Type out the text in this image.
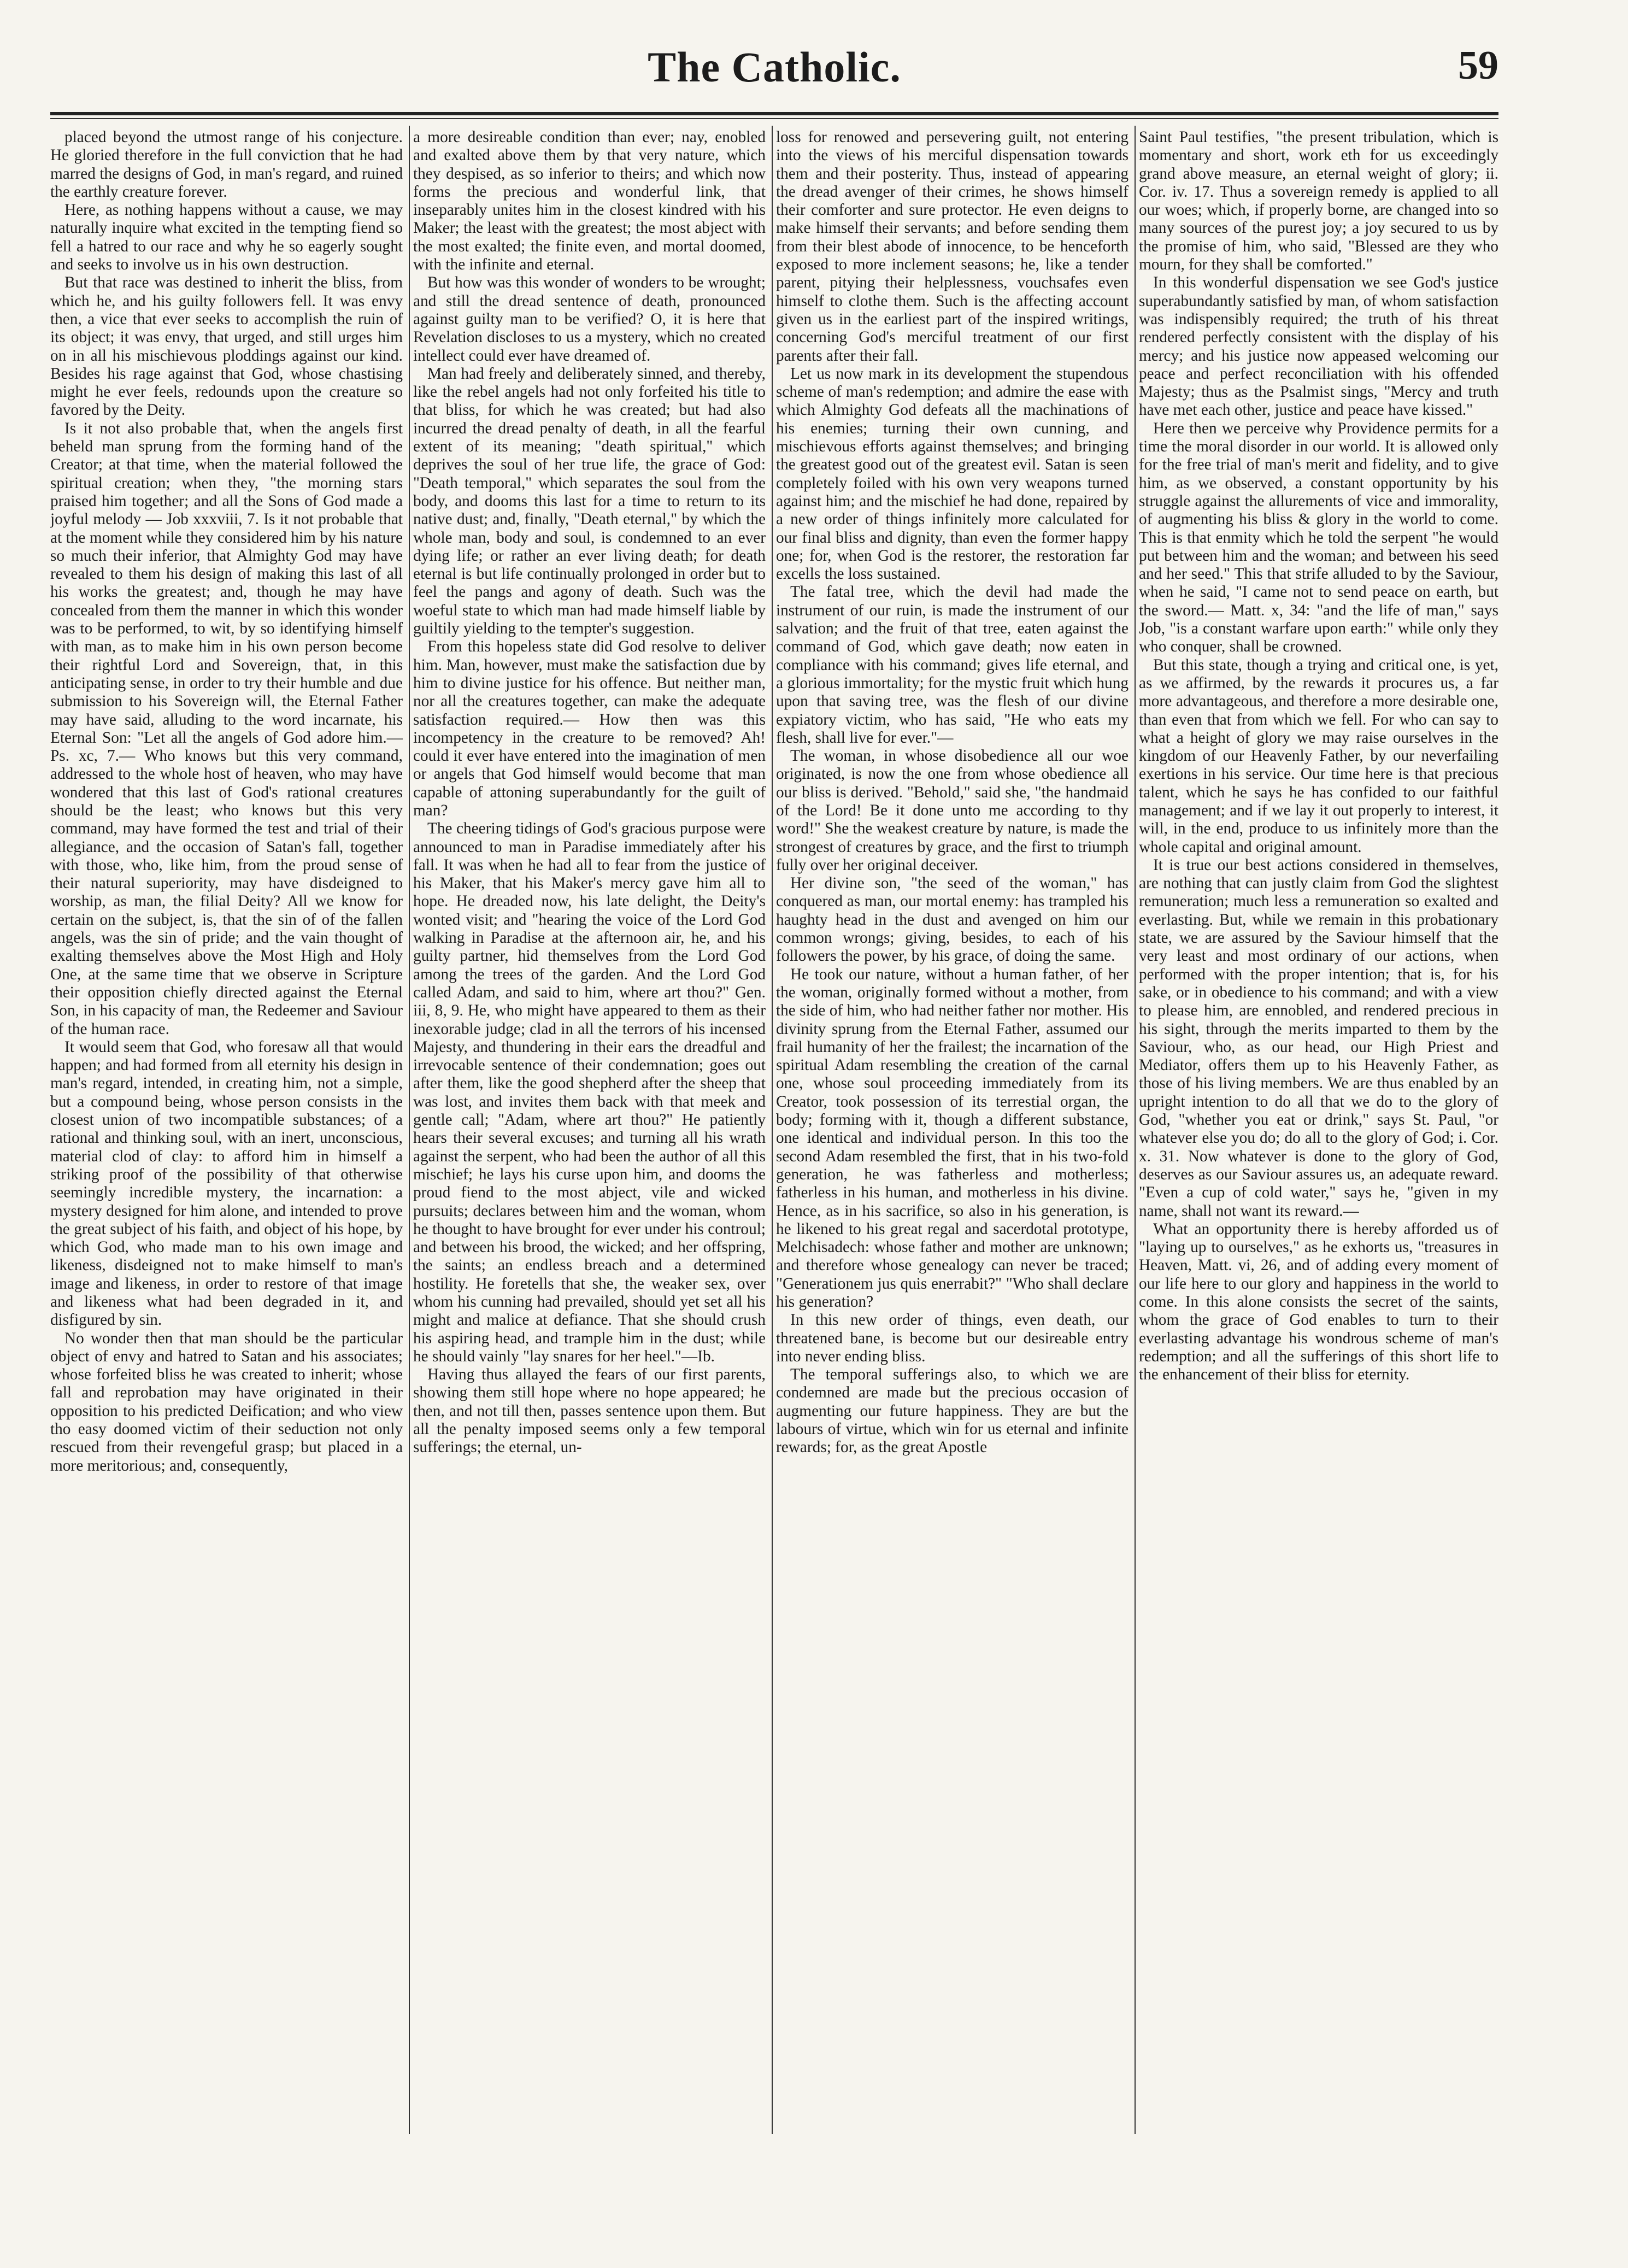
The Catholic.	59

placed beyond the utmost range of his conjecture. He gloried therefore in the full conviction that he had marred the designs of God, in man's regard, and ruined the earthly creature forever.

Here, as nothing happens without a cause, we may naturally inquire what excited in the tempting fiend so fell a hatred to our race and why he so eagerly sought and seeks to involve us in his own destruction.

But that race was destined to inherit the bliss, from which he, and his guilty followers fell. It was envy then, a vice that ever seeks to accomplish the ruin of its object; it was envy, that urged, and still urges him on in all his mischievous ploddings against our kind. Besides his rage against that God, whose chastising might he ever feels, redounds upon the creature so favored by the Deity.

Is it not also probable that, when the angels first beheld man sprung from the forming hand of the Creator; at that time, when the material followed the spiritual creation; when they, "the morning stars praised him together; and all the Sons of God made a joyful melody — Job xxxviii, 7. Is it not probable that at the moment while they considered him by his nature so much their inferior, that Almighty God may have revealed to them his design of making this last of all his works the greatest; and, though he may have concealed from them the manner in which this wonder was to be performed, to wit, by so identifying himself with man, as to make him in his own person become their rightful Lord and Sovereign, that, in this anticipating sense, in order to try their humble and due submission to his Sovereign will, the Eternal Father may have said, alluding to the word incarnate, his Eternal Son: "Let all the angels of God adore him.—Ps. xc, 7.— Who knows but this very command, addressed to the whole host of heaven, who may have wondered that this last of God's rational creatures should be the least; who knows but this very command, may have formed the test and trial of their allegiance, and the occasion of Satan's fall, together with those, who, like him, from the proud sense of their natural superiority, may have disdeigned to worship, as man, the filial Deity? All we know for certain on the subject, is, that the sin of of the fallen angels, was the sin of pride; and the vain thought of exalting themselves above the Most High and Holy One, at the same time that we observe in Scripture their opposition chiefly directed against the Eternal Son, in his capacity of man, the Redeemer and Saviour of the human race.

It would seem that God, who foresaw all that would happen; and had formed from all eternity his design in man's regard, intended, in creating him, not a simple, but a compound being, whose person consists in the closest union of two incompatible substances; of a rational and thinking soul, with an inert, unconscious, material clod of clay: to afford him in himself a striking proof of the possibility of that otherwise seemingly incredible mystery, the incarnation: a mystery designed for him alone, and intended to prove the great subject of his faith, and object of his hope, by which God, who made man to his own image and likeness, disdeigned not to make himself to man's image and likeness, in order to restore of that image and likeness what had been degraded in it, and disfigured by sin.

No wonder then that man should be the particular object of envy and hatred to Satan and his associates; whose forfeited bliss he was created to inherit; whose fall and reprobation may have originated in their opposition to his predicted Deification; and who view tho easy doomed victim of their seduction not only rescued from their revengeful grasp; but placed in a more meritorious; and, consequently,

a more desireable condition than ever; nay, enobled and exalted above them by that very nature, which they despised, as so inferior to theirs; and which now forms the precious and wonderful link, that inseparably unites him in the closest kindred with his Maker; the least with the greatest; the most abject with the most exalted; the finite even, and mortal doomed, with the infinite and eternal.

But how was this wonder of wonders to be wrought; and still the dread sentence of death, pronounced against guilty man to be verified? O, it is here that Revelation discloses to us a mystery, which no created intellect could ever have dreamed of.

Man had freely and deliberately sinned, and thereby, like the rebel angels had not only forfeited his title to that bliss, for which he was created; but had also incurred the dread penalty of death, in all the fearful extent of its meaning; "death spiritual," which deprives the soul of her true life, the grace of God: "Death temporal," which separates the soul from the body, and dooms this last for a time to return to its native dust; and, finally, "Death eternal," by which the whole man, body and soul, is condemned to an ever dying life; or rather an ever living death; for death eternal is but life continually prolonged in order but to feel the pangs and agony of death. Such was the woeful state to which man had made himself liable by guiltily yielding to the tempter's suggestion.

From this hopeless state did God resolve to deliver him. Man, however, must make the satisfaction due by him to divine justice for his offence. But neither man, nor all the creatures together, can make the adequate satisfaction required.— How then was this incompetency in the creature to be removed? Ah! could it ever have entered into the imagination of men or angels that God himself would become that man capable of attoning superabundantly for the guilt of man?

The cheering tidings of God's gracious purpose were announced to man in Paradise immediately after his fall. It was when he had all to fear from the justice of his Maker, that his Maker's mercy gave him all to hope. He dreaded now, his late delight, the Deity's wonted visit; and "hearing the voice of the Lord God walking in Paradise at the afternoon air, he, and his guilty partner, hid themselves from the Lord God among the trees of the garden. And the Lord God called Adam, and said to him, where art thou?" Gen. iii, 8, 9. He, who might have appeared to them as their inexorable judge; clad in all the terrors of his incensed Majesty, and thundering in their ears the dreadful and irrevocable sentence of their condemnation; goes out after them, like the good shepherd after the sheep that was lost, and invites them back with that meek and gentle call; "Adam, where art thou?" He patiently hears their several excuses; and turning all his wrath against the serpent, who had been the author of all this mischief; he lays his curse upon him, and dooms the proud fiend to the most abject, vile and wicked pursuits; declares between him and the woman, whom he thought to have brought for ever under his controul; and between his brood, the wicked; and her offspring, the saints; an endless breach and a determined hostility. He foretells that she, the weaker sex, over whom his cunning had prevailed, should yet set all his might and malice at defiance. That she should crush his aspiring head, and trample him in the dust; while he should vainly "lay snares for her heel."—Ib.

Having thus allayed the fears of our first parents, showing them still hope where no hope appeared; he then, and not till then, passes sentence upon them. But all the penalty imposed seems only a few temporal sufferings; the eternal, un-

loss for renowed and persevering guilt, not entering into the views of his merciful dispensation towards them and their posterity. Thus, instead of appearing the dread avenger of their crimes, he shows himself their comforter and sure protector. He even deigns to make himself their servants; and before sending them from their blest abode of innocence, to be henceforth exposed to more inclement seasons; he, like a tender parent, pitying their helplessness, vouchsafes even himself to clothe them. Such is the affecting account given us in the earliest part of the inspired writings, concerning God's merciful treatment of our first parents after their fall.

Let us now mark in its development the stupendous scheme of man's redemption; and admire the ease with which Almighty God defeats all the machinations of his enemies; turning their own cunning, and mischievous efforts against themselves; and bringing the greatest good out of the greatest evil. Satan is seen completely foiled with his own very weapons turned against him; and the mischief he had done, repaired by a new order of things infinitely more calculated for our final bliss and dignity, than even the former happy one; for, when God is the restorer, the restoration far excells the loss sustained.

The fatal tree, which the devil had made the instrument of our ruin, is made the instrument of our salvation; and the fruit of that tree, eaten against the command of God, which gave death; now eaten in compliance with his command; gives life eternal, and a glorious immortality; for the mystic fruit which hung upon that saving tree, was the flesh of our divine expiatory victim, who has said, "He who eats my flesh, shall live for ever."—

The woman, in whose disobedience all our woe originated, is now the one from whose obedience all our bliss is derived. "Behold," said she, "the handmaid of the Lord! Be it done unto me according to thy word!" She the weakest creature by nature, is made the strongest of creatures by grace, and the first to triumph fully over her original deceiver.

Her divine son, "the seed of the woman," has conquered as man, our mortal enemy: has trampled his haughty head in the dust and avenged on him our common wrongs; giving, besides, to each of his followers the power, by his grace, of doing the same.

He took our nature, without a human father, of her the woman, originally formed without a mother, from the side of him, who had neither father nor mother. His divinity sprung from the Eternal Father, assumed our frail humanity of her the frailest; the incarnation of the spiritual Adam resembling the creation of the carnal one, whose soul proceeding immediately from its Creator, took possession of its terrestial organ, the body; forming with it, though a different substance, one identical and individual person. In this too the second Adam resembled the first, that in his two-fold generation, he was fatherless and motherless; fatherless in his human, and motherless in his divine. Hence, as in his sacrifice, so also in his generation, is he likened to his great regal and sacerdotal prototype, Melchisadech: whose father and mother are unknown; and therefore whose genealogy can never be traced; "Generationem jus quis enerrabit?" "Who shall declare his generation?

In this new order of things, even death, our threatened bane, is become but our desireable entry into never ending bliss.

The temporal sufferings also, to which we are condemned are made but the precious occasion of augmenting our future happiness. They are but the labours of virtue, which win for us eternal and infinite rewards; for, as the great Apostle

Saint Paul testifies, "the present tribulation, which is momentary and short, work eth for us exceedingly grand above measure, an eternal weight of glory; ii. Cor. iv. 17. Thus a sovereign remedy is applied to all our woes; which, if properly borne, are changed into so many sources of the purest joy; a joy secured to us by the promise of him, who said, "Blessed are they who mourn, for they shall be comforted."

In this wonderful dispensation we see God's justice superabundantly satisfied by man, of whom satisfaction was indispensibly required; the truth of his threat rendered perfectly consistent with the display of his mercy; and his justice now appeased welcoming our peace and perfect reconciliation with his offended Majesty; thus as the Psalmist sings, "Mercy and truth have met each other, justice and peace have kissed."

Here then we perceive why Providence permits for a time the moral disorder in our world. It is allowed only for the free trial of man's merit and fidelity, and to give him, as we observed, a constant opportunity by his struggle against the allurements of vice and immorality, of augmenting his bliss & glory in the world to come. This is that enmity which he told the serpent "he would put between him and the woman; and between his seed and her seed." This that strife alluded to by the Saviour, when he said, "I came not to send peace on earth, but the sword.— Matt. x, 34: "and the life of man," says Job, "is a constant warfare upon earth:" while only they who conquer, shall be crowned.

But this state, though a trying and critical one, is yet, as we affirmed, by the rewards it procures us, a far more advantageous, and therefore a more desirable one, than even that from which we fell. For who can say to what a height of glory we may raise ourselves in the kingdom of our Heavenly Father, by our neverfailing exertions in his service. Our time here is that precious talent, which he says he has confided to our faithful management; and if we lay it out properly to interest, it will, in the end, produce to us infinitely more than the whole capital and original amount.

It is true our best actions considered in themselves, are nothing that can justly claim from God the slightest remuneration; much less a remuneration so exalted and everlasting. But, while we remain in this probationary state, we are assured by the Saviour himself that the very least and most ordinary of our actions, when performed with the proper intention; that is, for his sake, or in obedience to his command; and with a view to please him, are ennobled, and rendered precious in his sight, through the merits imparted to them by the Saviour, who, as our head, our High Priest and Mediator, offers them up to his Heavenly Father, as those of his living members. We are thus enabled by an upright intention to do all that we do to the glory of God, "whether you eat or drink," says St. Paul, "or whatever else you do; do all to the glory of God; i. Cor. x. 31. Now whatever is done to the glory of God, deserves as our Saviour assures us, an adequate reward. "Even a cup of cold water," says he, "given in my name, shall not want its reward.—

What an opportunity there is hereby afforded us of "laying up to ourselves," as he exhorts us, "treasures in Heaven, Matt. vi, 26, and of adding every moment of our life here to our glory and happiness in the world to come. In this alone consists the secret of the saints, whom the grace of God enables to turn to their everlasting advantage his wondrous scheme of man's redemption; and all the sufferings of this short life to the enhancement of their bliss for eternity.
